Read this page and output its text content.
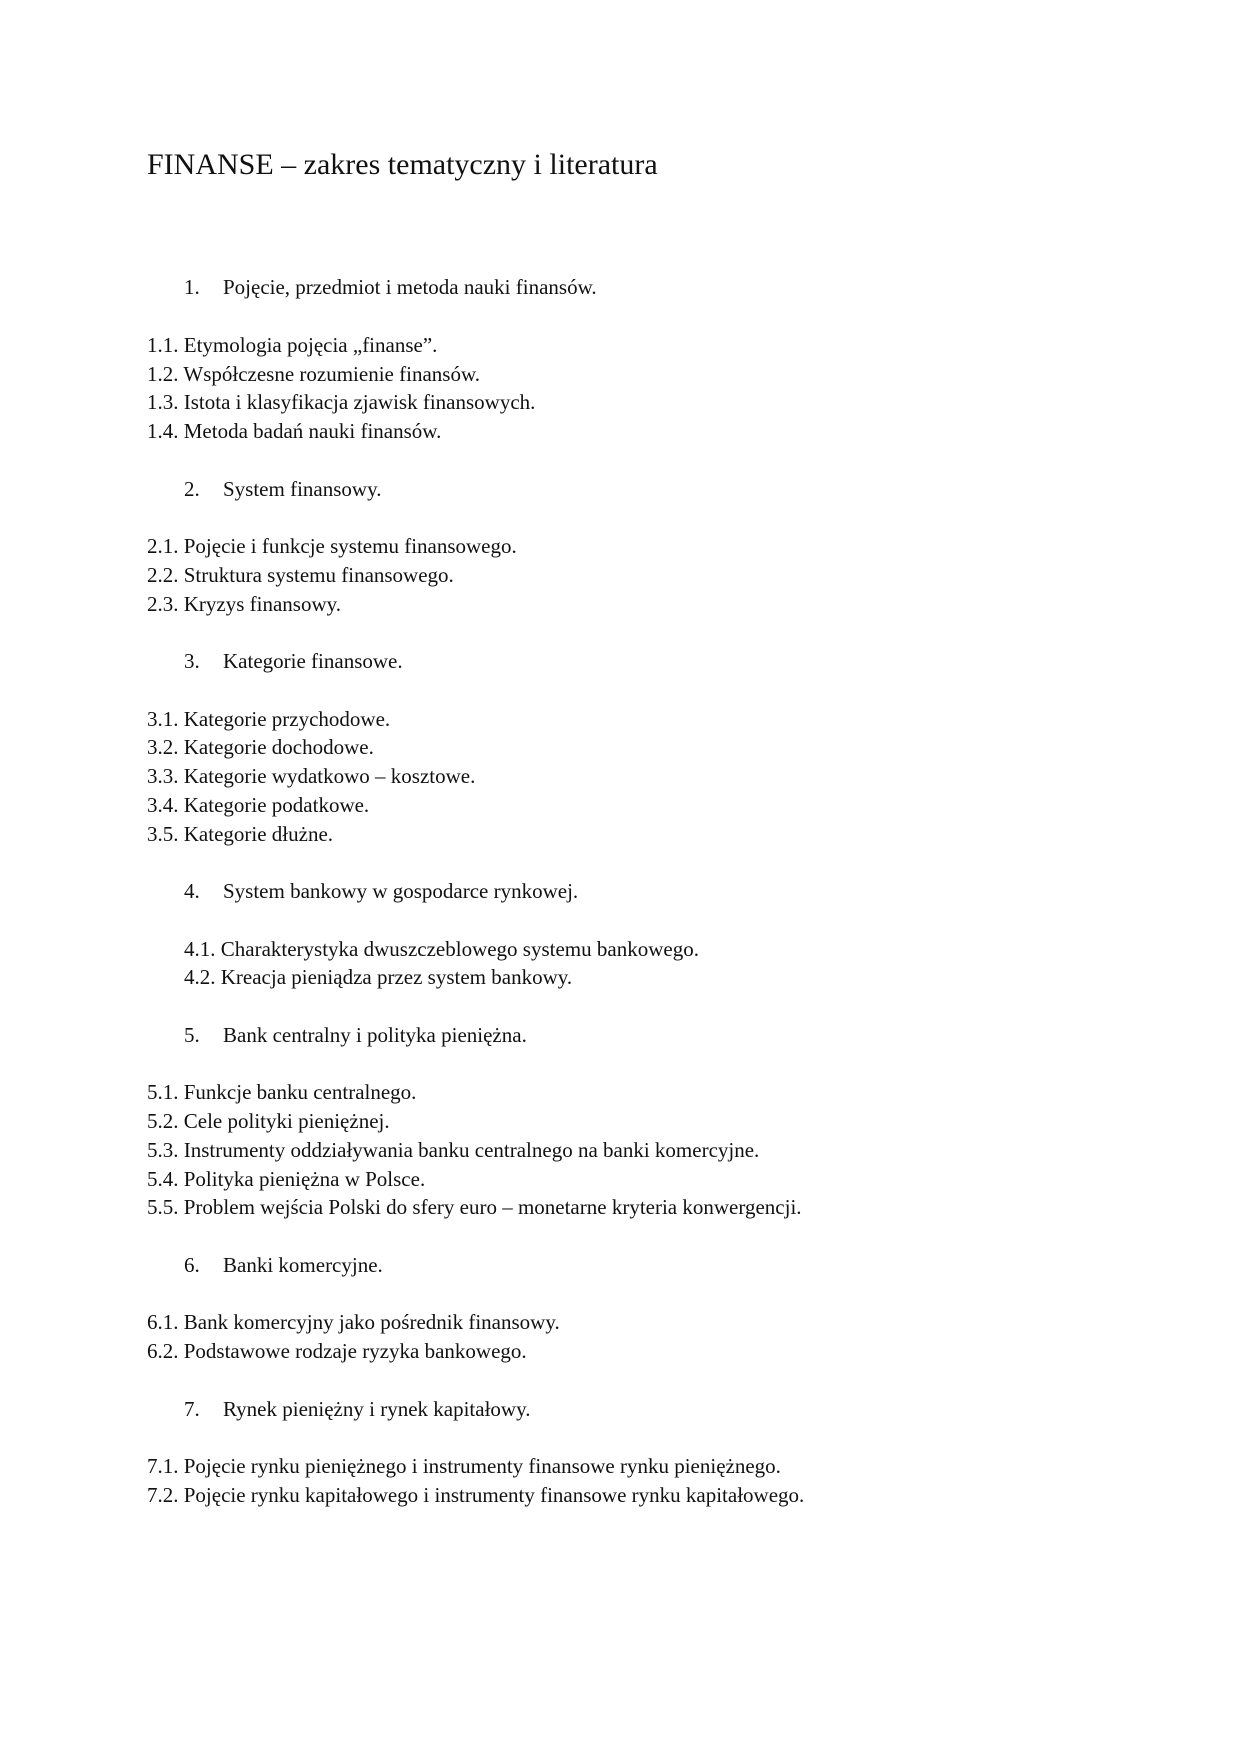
FINANSE – zakres tematyczny i literatura
1. Pojęcie, przedmiot i metoda nauki finansów.
1.1. Etymologia pojęcia „finanse”.
1.2. Współczesne rozumienie finansów.
1.3. Istota i klasyfikacja zjawisk finansowych.
1.4. Metoda badań nauki finansów.
2. System finansowy.
2.1. Pojęcie i funkcje systemu finansowego.
2.2. Struktura systemu finansowego.
2.3. Kryzys finansowy.
3. Kategorie finansowe.
3.1. Kategorie przychodowe.
3.2. Kategorie dochodowe.
3.3. Kategorie wydatkowo – kosztowe.
3.4. Kategorie podatkowe.
3.5. Kategorie dłużne.
4. System bankowy w gospodarce rynkowej.
4.1. Charakterystyka dwuszczeblowego systemu bankowego.
4.2. Kreacja pieniądza przez system bankowy.
5. Bank centralny i polityka pieniężna.
5.1. Funkcje banku centralnego.
5.2. Cele polityki pieniężnej.
5.3. Instrumenty oddziaływania banku centralnego na banki komercyjne.
5.4. Polityka pieniężna w Polsce.
5.5. Problem wejścia Polski do sfery euro – monetarne kryteria konwergencji.
6. Banki komercyjne.
6.1. Bank komercyjny jako pośrednik finansowy.
6.2. Podstawowe rodzaje ryzyka bankowego.
7. Rynek pieniężny i rynek kapitałowy.
7.1. Pojęcie rynku pieniężnego i instrumenty finansowe rynku pieniężnego.
7.2. Pojęcie rynku kapitałowego i instrumenty finansowe rynku kapitałowego.
